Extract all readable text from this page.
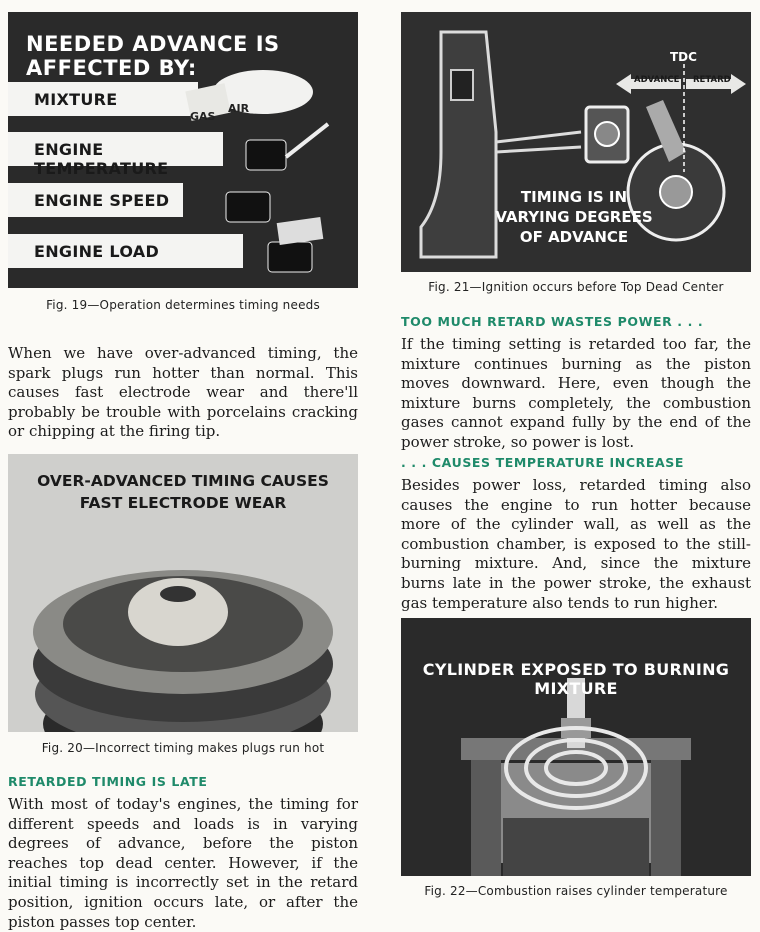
NEEDED ADVANCE IS AFFECTED BY:
MIXTURE
ENGINE TEMPERATURE
ENGINE SPEED
ENGINE LOAD
GAS
AIR
Fig. 19—Operation determines timing needs
When we have over-advanced timing, the spark plugs run hotter than normal. This causes fast electrode wear and there'll probably be trouble with porcelains cracking or chipping at the firing tip.
OVER-ADVANCED TIMING CAUSES
FAST ELECTRODE WEAR
Fig. 20—Incorrect timing makes plugs run hot
RETARDED TIMING IS LATE
With most of today's engines, the timing for different speeds and loads is in varying degrees of advance, before the piston reaches top dead center. However, if the initial timing is incorrectly set in the retard position, ignition occurs late, or after the piston passes top center.
TDC
ADVANCE RETARD
TIMING IS IN
VARYING DEGREES
OF ADVANCE
Fig. 21—Ignition occurs before Top Dead Center
TOO MUCH RETARD WASTES POWER . . .
If the timing setting is retarded too far, the mixture continues burning as the piston moves downward. Here, even though the mixture burns completely, the combustion gases cannot expand fully by the end of the power stroke, so power is lost.
. . . CAUSES TEMPERATURE INCREASE
Besides power loss, retarded timing also causes the engine to run hotter because more of the cylinder wall, as well as the combustion chamber, is exposed to the still-burning mixture. And, since the mixture burns late in the power stroke, the exhaust gas temperature also tends to run higher.
CYLINDER EXPOSED TO BURNING MIXTURE
Fig. 22—Combustion raises cylinder temperature
